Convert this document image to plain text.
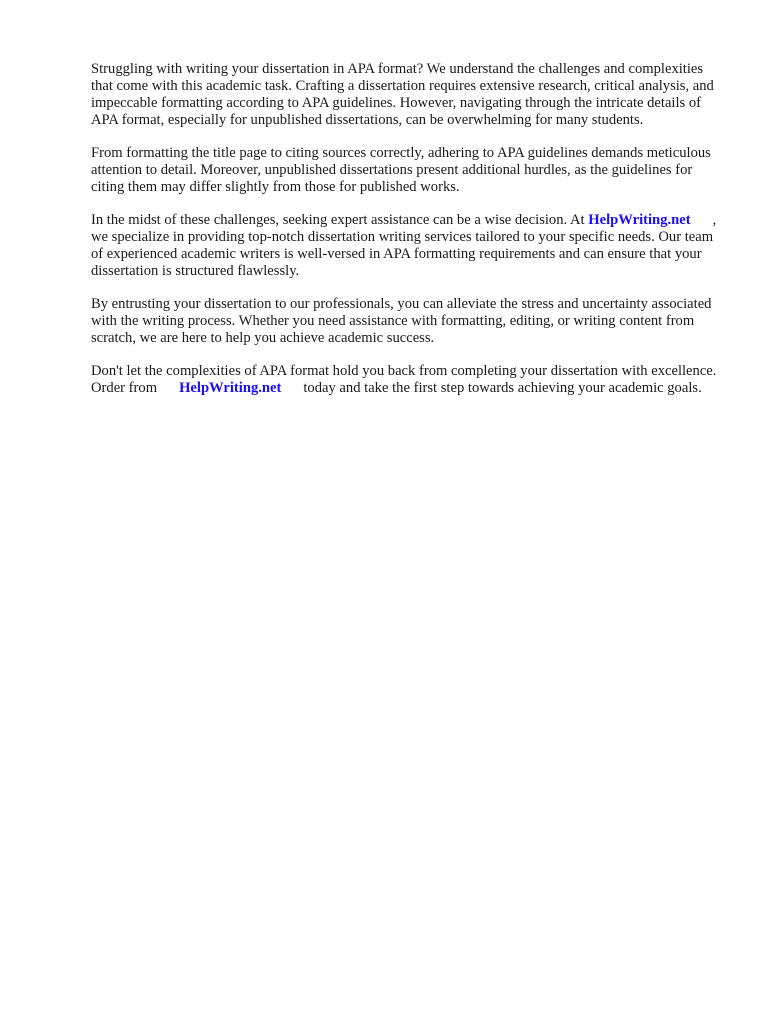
Struggling with writing your dissertation in APA format? We understand the challenges and complexities that come with this academic task. Crafting a dissertation requires extensive research, critical analysis, and impeccable formatting according to APA guidelines. However, navigating through the intricate details of APA format, especially for unpublished dissertations, can be overwhelming for many students.

From formatting the title page to citing sources correctly, adhering to APA guidelines demands meticulous attention to detail. Moreover, unpublished dissertations present additional hurdles, as the guidelines for citing them may differ slightly from those for published works.

In the midst of these challenges, seeking expert assistance can be a wise decision. At HelpWriting.net , we specialize in providing top-notch dissertation writing services tailored to your specific needs. Our team of experienced academic writers is well-versed in APA formatting requirements and can ensure that your dissertation is structured flawlessly.

By entrusting your dissertation to our professionals, you can alleviate the stress and uncertainty associated with the writing process. Whether you need assistance with formatting, editing, or writing content from scratch, we are here to help you achieve academic success.

Don't let the complexities of APA format hold you back from completing your dissertation with excellence. Order from HelpWriting.net today and take the first step towards achieving your academic goals.
